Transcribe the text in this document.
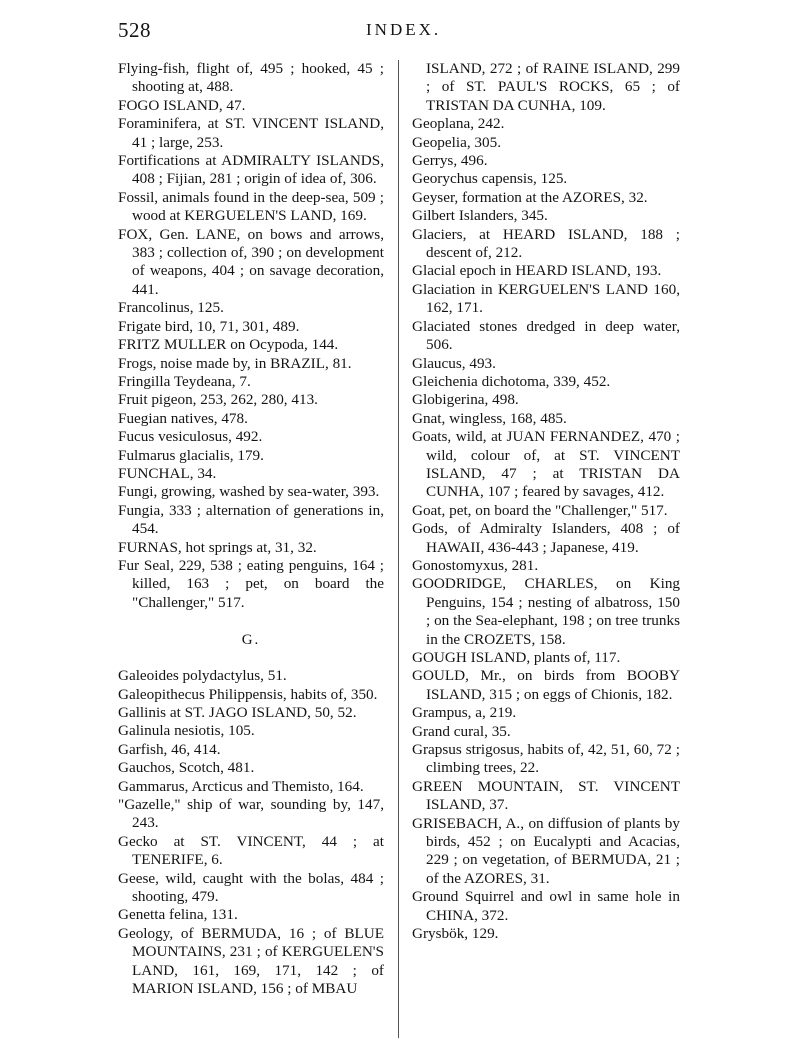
528	INDEX.

Flying-fish, flight of, 495 ; hooked, 45 ; shooting at, 488.

FOGO ISLAND, 47.

Foraminifera, at ST. VINCENT ISLAND, 41 ; large, 253.

Fortifications at ADMIRALTY ISLANDS, 408 ; Fijian, 281 ; origin of idea of, 306.

Fossil, animals found in the deep-sea, 509 ; wood at KERGUELEN'S LAND, 169.

FOX, Gen. LANE, on bows and arrows, 383 ; collection of, 390 ; on development of weapons, 404 ; on savage decoration, 441.

Francolinus, 125.

Frigate bird, 10, 71, 301, 489.

FRITZ MULLER on Ocypoda, 144.

Frogs, noise made by, in BRAZIL, 81.

Fringilla Teydeana, 7.

Fruit pigeon, 253, 262, 280, 413.

Fuegian natives, 478.

Fucus vesiculosus, 492.

Fulmarus glacialis, 179.

FUNCHAL, 34.

Fungi, growing, washed by sea-water, 393.

Fungia, 333 ; alternation of generations in, 454.

FURNAS, hot springs at, 31, 32.

Fur Seal, 229, 538 ; eating penguins, 164 ; killed, 163 ; pet, on board the "Challenger," 517.

G.

Galeoides polydactylus, 51.

Galeopithecus Philippensis, habits of, 350.

Gallinis at ST. JAGO ISLAND, 50, 52.

Galinula nesiotis, 105.

Garfish, 46, 414.

Gauchos, Scotch, 481.

Gammarus, Arcticus and Themisto, 164.

"Gazelle," ship of war, sounding by, 147, 243.

Gecko at ST. VINCENT, 44 ; at TENERIFE, 6.

Geese, wild, caught with the bolas, 484 ; shooting, 479.

Genetta felina, 131.

Geology, of BERMUDA, 16 ; of BLUE MOUNTAINS, 231 ; of KERGUELEN'S LAND, 161, 169, 171, 142 ; of MARION ISLAND, 156 ; of MBAU

ISLAND, 272 ; of RAINE ISLAND, 299 ; of ST. PAUL'S ROCKS, 65 ; of TRISTAN DA CUNHA, 109.

Geoplana, 242.

Geopelia, 305.

Gerrys, 496.

Georychus capensis, 125.

Geyser, formation at the AZORES, 32.

Gilbert Islanders, 345.

Glaciers, at HEARD ISLAND, 188 ; descent of, 212.

Glacial epoch in HEARD ISLAND, 193.

Glaciation in KERGUELEN'S LAND 160, 162, 171.

Glaciated stones dredged in deep water, 506.

Glaucus, 493.

Gleichenia dichotoma, 339, 452.

Globigerina, 498.

Gnat, wingless, 168, 485.

Goats, wild, at JUAN FERNANDEZ, 470 ; wild, colour of, at ST. VINCENT ISLAND, 47 ; at TRISTAN DA CUNHA, 107 ; feared by savages, 412.

Goat, pet, on board the "Challenger," 517.

Gods, of Admiralty Islanders, 408 ; of HAWAII, 436-443 ; Japanese, 419.

Gonostomyxus, 281.

GOODRIDGE, CHARLES, on King Penguins, 154 ; nesting of albatross, 150 ; on the Sea-elephant, 198 ; on tree trunks in the CROZETS, 158.

GOUGH ISLAND, plants of, 117.

GOULD, Mr., on birds from BOOBY ISLAND, 315 ; on eggs of Chionis, 182.

Grampus, a, 219.

Grand cural, 35.

Grapsus strigosus, habits of, 42, 51, 60, 72 ; climbing trees, 22.

GREEN MOUNTAIN, ST. VINCENT ISLAND, 37.

GRISEBACH, A., on diffusion of plants by birds, 452 ; on Eucalypti and Acacias, 229 ; on vegetation, of BERMUDA, 21 ; of the AZORES, 31.

Ground Squirrel and owl in same hole in CHINA, 372.

Grysbök, 129.
